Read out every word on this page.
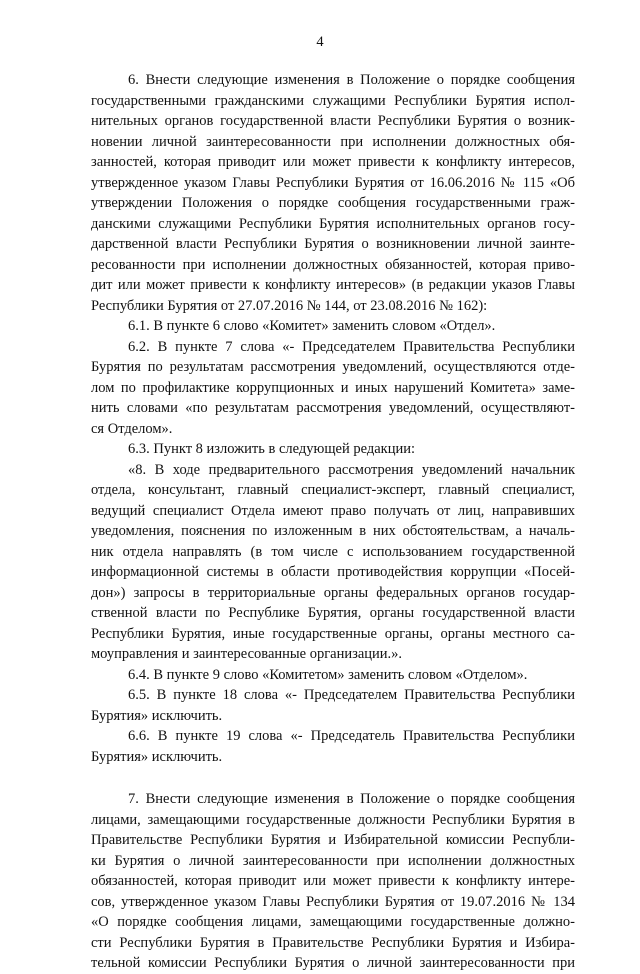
4
6. Внести следующие изменения в Положение о порядке сообщения
государственными гражданскими служащими Республики Бурятия испол-
нительных органов государственной власти Республики Бурятия о возник-
новении личной заинтересованности при исполнении должностных обя-
занностей, которая приводит или может привести к конфликту интересов,
утвержденное указом Главы Республики Бурятия от 16.06.2016 № 115 «Об
утверждении Положения о порядке сообщения государственными граж-
данскими служащими Республики Бурятия исполнительных органов госу-
дарственной власти Республики Бурятия о возникновении личной заинте-
ресованности при исполнении должностных обязанностей, которая приво-
дит или может привести к конфликту интересов» (в редакции указов Главы
Республики Бурятия от 27.07.2016 № 144, от 23.08.2016 № 162):
6.1. В пункте 6 слово «Комитет» заменить словом «Отдел».
6.2. В пункте 7 слова «- Председателем Правительства Республики
Бурятия по результатам рассмотрения уведомлений, осуществляются отде-
лом по профилактике коррупционных и иных нарушений Комитета» заме-
нить словами «по результатам рассмотрения уведомлений, осуществляют-
ся Отделом».
6.3. Пункт 8 изложить в следующей редакции:
«8. В ходе предварительного рассмотрения уведомлений начальник
отдела, консультант, главный специалист-эксперт, главный специалист,
ведущий специалист Отдела имеют право получать от лиц, направивших
уведомления, пояснения по изложенным в них обстоятельствам, а началь-
ник отдела направлять (в том числе с использованием государственной
информационной системы в области противодействия коррупции «Посей-
дон») запросы в территориальные органы федеральных органов государ-
ственной власти по Республике Бурятия, органы государственной власти
Республики Бурятия, иные государственные органы, органы местного са-
моуправления и заинтересованные организации.».
6.4. В пункте 9 слово «Комитетом» заменить словом «Отделом».
6.5. В пункте 18 слова «- Председателем Правительства Республики
Бурятия» исключить.
6.6. В пункте 19 слова «- Председатель Правительства Республики
Бурятия» исключить.
7. Внести следующие изменения в Положение о порядке сообщения
лицами, замещающими государственные должности Республики Бурятия в
Правительстве Республики Бурятия и Избирательной комиссии Республи-
ки Бурятия о личной заинтересованности при исполнении должностных
обязанностей, которая приводит или может привести к конфликту интере-
сов, утвержденное указом Главы Республики Бурятия от 19.07.2016 № 134
«О порядке сообщения лицами, замещающими государственные должно-
сти Республики Бурятия в Правительстве Республики Бурятия и Избира-
тельной комиссии Республики Бурятия о личной заинтересованности при
